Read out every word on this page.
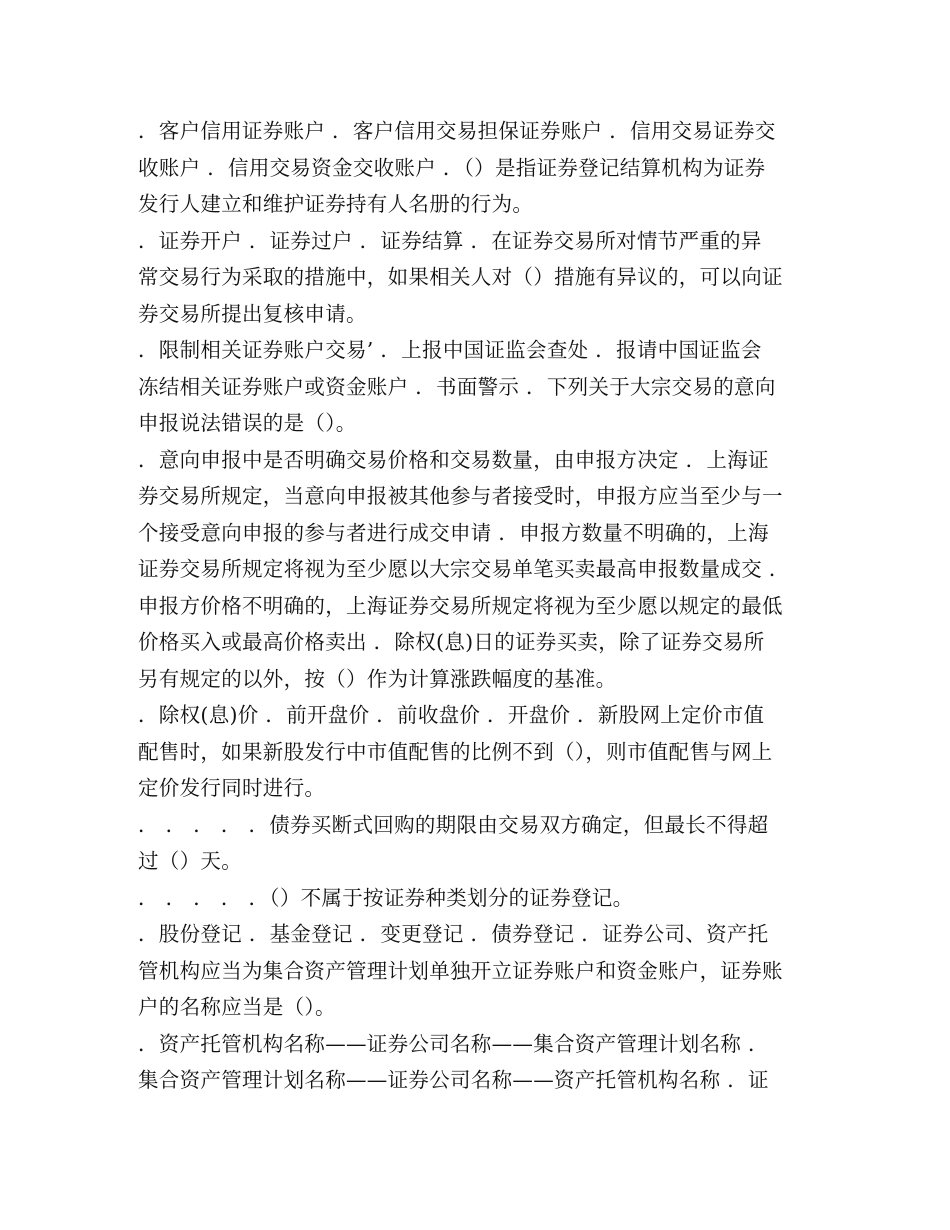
．客户信用证券账户 ．客户信用交易担保证券账户 ．信用交易证券交
收账户 ．信用交易资金交收账户 ．（）是指证券登记结算机构为证券
发行人建立和维护证券持有人名册的行为。
．证券开户 ．证券过户 ．证券结算 ．在证券交易所对情节严重的异
常交易行为采取的措施中，如果相关人对（）措施有异议的，可以向证
券交易所提出复核申请。
．限制相关证券账户交易’ ．上报中国证监会查处 ．报请中国证监会
冻结相关证券账户或资金账户 ．书面警示 ．下列关于大宗交易的意向
申报说法错误的是（）。
．意向申报中是否明确交易价格和交易数量，由申报方决定 ．上海证
券交易所规定，当意向申报被其他参与者接受时，申报方应当至少与一
个接受意向申报的参与者进行成交申请 ．申报方数量不明确的，上海
证券交易所规定将视为至少愿以大宗交易单笔买卖最高申报数量成交 ．
申报方价格不明确的，上海证券交易所规定将视为至少愿以规定的最低
价格买入或最高价格卖出 ．除权(息)日的证券买卖，除了证券交易所
另有规定的以外，按（）作为计算涨跌幅度的基准。
．除权(息)价 ．前开盘价 ．前收盘价 ．开盘价 ．新股网上定价市值
配售时，如果新股发行中市值配售的比例不到（），则市值配售与网上
定价发行同时进行。
． ． ． ． ．债券买断式回购的期限由交易双方确定，但最长不得超
过（）天。
． ． ． ． ．（）不属于按证券种类划分的证券登记。
．股份登记 ．基金登记 ．变更登记 ．债券登记 ．证券公司、资产托
管机构应当为集合资产管理计划单独开立证券账户和资金账户，证券账
户的名称应当是（）。
．资产托管机构名称——证券公司名称——集合资产管理计划名称 ．
集合资产管理计划名称——证券公司名称——资产托管机构名称 ．证
